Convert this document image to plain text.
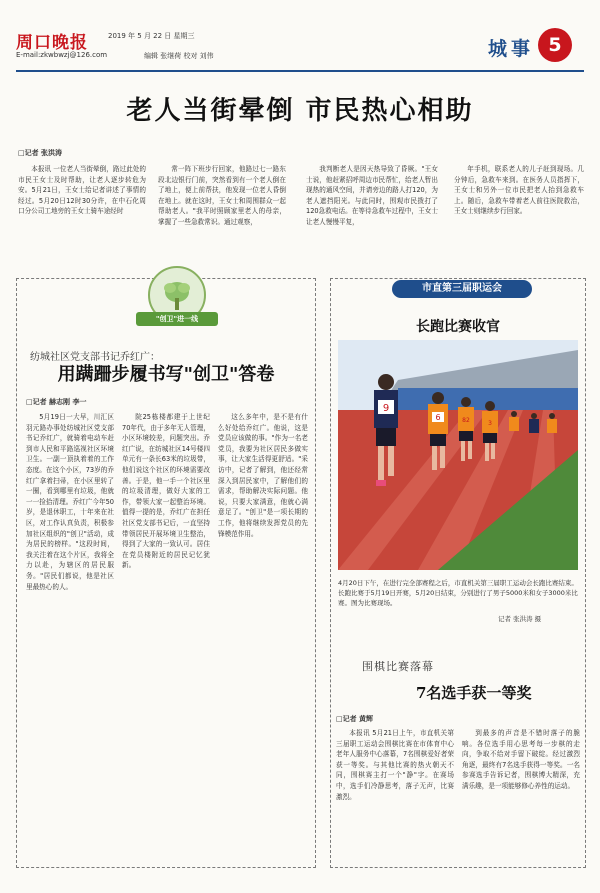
周口晚报	2019 年 5 月 22 日 星期三
E-mail:zkwbwzj@126.com	编辑 张继荷 校对 刘伟	城事 5
老人当街晕倒 市民热心相助
□记者 张洪涛

本报讯 一位老人当街晕倒，路过此处的市民王女士及时帮助，让老人逐步转危为安。5月21日，王女士给记者讲述了事情的经过。5月20日12时30分许，在中石化周口分公司工地旁的王女士骑车途经时

常一阵下班步行回家，他路过七一路东段北边银行门前，突然看到有一个老人倒在了地上，便上前帮扶，他发现一位老人昏倒在地上。就在这时，王女士和周围群众一起帮助老人。"我平时照顾家里老人的母亲，掌握了一些急救常识。通过观察，

我判断老人是因天热导致了昏厥。"王女士说，他赶紧招呼周边市民帮忙，给老人暂出现热的通风空间，并请旁边的路人打120，为老人遮挡阳光。与此同时，围观市民拨打了120急救电话。在等待急救车过程中，王女士让老人慢慢平复，

年手机，联系老人的儿子赶到现场。几分钟后，急救车来到。在医务人员指挥下，王女士和另外一位市民把老人抬到急救车上。随后，急救车带着老人前往医院救治，王女士则继续步行回家。

"创卫"进一线
纺城社区党支部书记乔红广：
用蹒跚步履书写"创卫"答卷
□记者 赫志刚 李一

5月19日一大早，川汇区羽元路办事处纺城社区党支部书记乔红广，就骑着电动车赶到市人民和平路巡视社区环境卫生。一副一顶执着着的工作态度。在这个小区，73岁的乔红广拿着扫帚，在小区里转了一圈，看到哪里有垃圾，他就一一捡拾清理。乔红广今年50岁，是退休职工，十年来在社区，对工作认真负责，积极参加社区组织的"创卫"活动，成为居民的榜样。"这段时间，我关注着在这个片区，我将全力以赴，为辖区的居民服务。"居民们都说，他是社区里最热心的人。

院25栋楼都建于上世纪70年代，由于多年无人管理，小区环境较差，问题突出。乔红广说，在纺城社区14号楼四单元有一条长63米的垃圾带，他们说这个社区的环境需要改善。于是，他一手一个社区里的垃圾清理，做好大家的工作，带领大家一起整治环境。值得一提的是，乔红广在担任社区党支部书记后，一直坚持带领居民开展环境卫生整治，得到了大家的一致认可。居住在党员楼附近的居民记忆犹新。

这么多年中，是不是有什么好处给乔红广。他说，这是党员应该做的事。"作为一名老党员，我要为社区居民多做实事，让大家生活得更舒适。"采访中，记者了解到，他还经常深入到居民家中，了解他们的需求，帮助解决实际问题。他说，只要大家满意，他就心满意足了。"创卫"是一项长期的工作，他将继续发挥党员的先锋模范作用。

市直第三届职运会
长跑比赛收官
9
6	82	3
4月20日下午，在进行完全部赛程之后，市直机关第三届职工运动会长跑比赛结束。长跑比赛于5月19日开赛，5月20日结束，分别进行了男子5000米和女子3000米比赛。图为比赛现场。
记者 张洪涛 摄
围棋比赛落幕
7名选手获一等奖
□记者 黄辉

本报讯 5月21日上午，市直机关第三届职工运动会围棋比赛在市体育中心老年人服务中心落幕，7名围棋爱好者荣获一等奖。与其他比赛的热火朝天不同，围棋赛主打一个"静"字。在赛场中，选手们冷静思考，落子无声，比赛激烈。

到最多的声音是不错时落子的脆响。各位选手用心思考每一步棋的走向，争取不给对手留下破绽。经过激烈角逐，最终有7名选手获得一等奖。一名参赛选手告诉记者，围棋博大精深，充满乐趣，是一项能够修心养性的运动。
